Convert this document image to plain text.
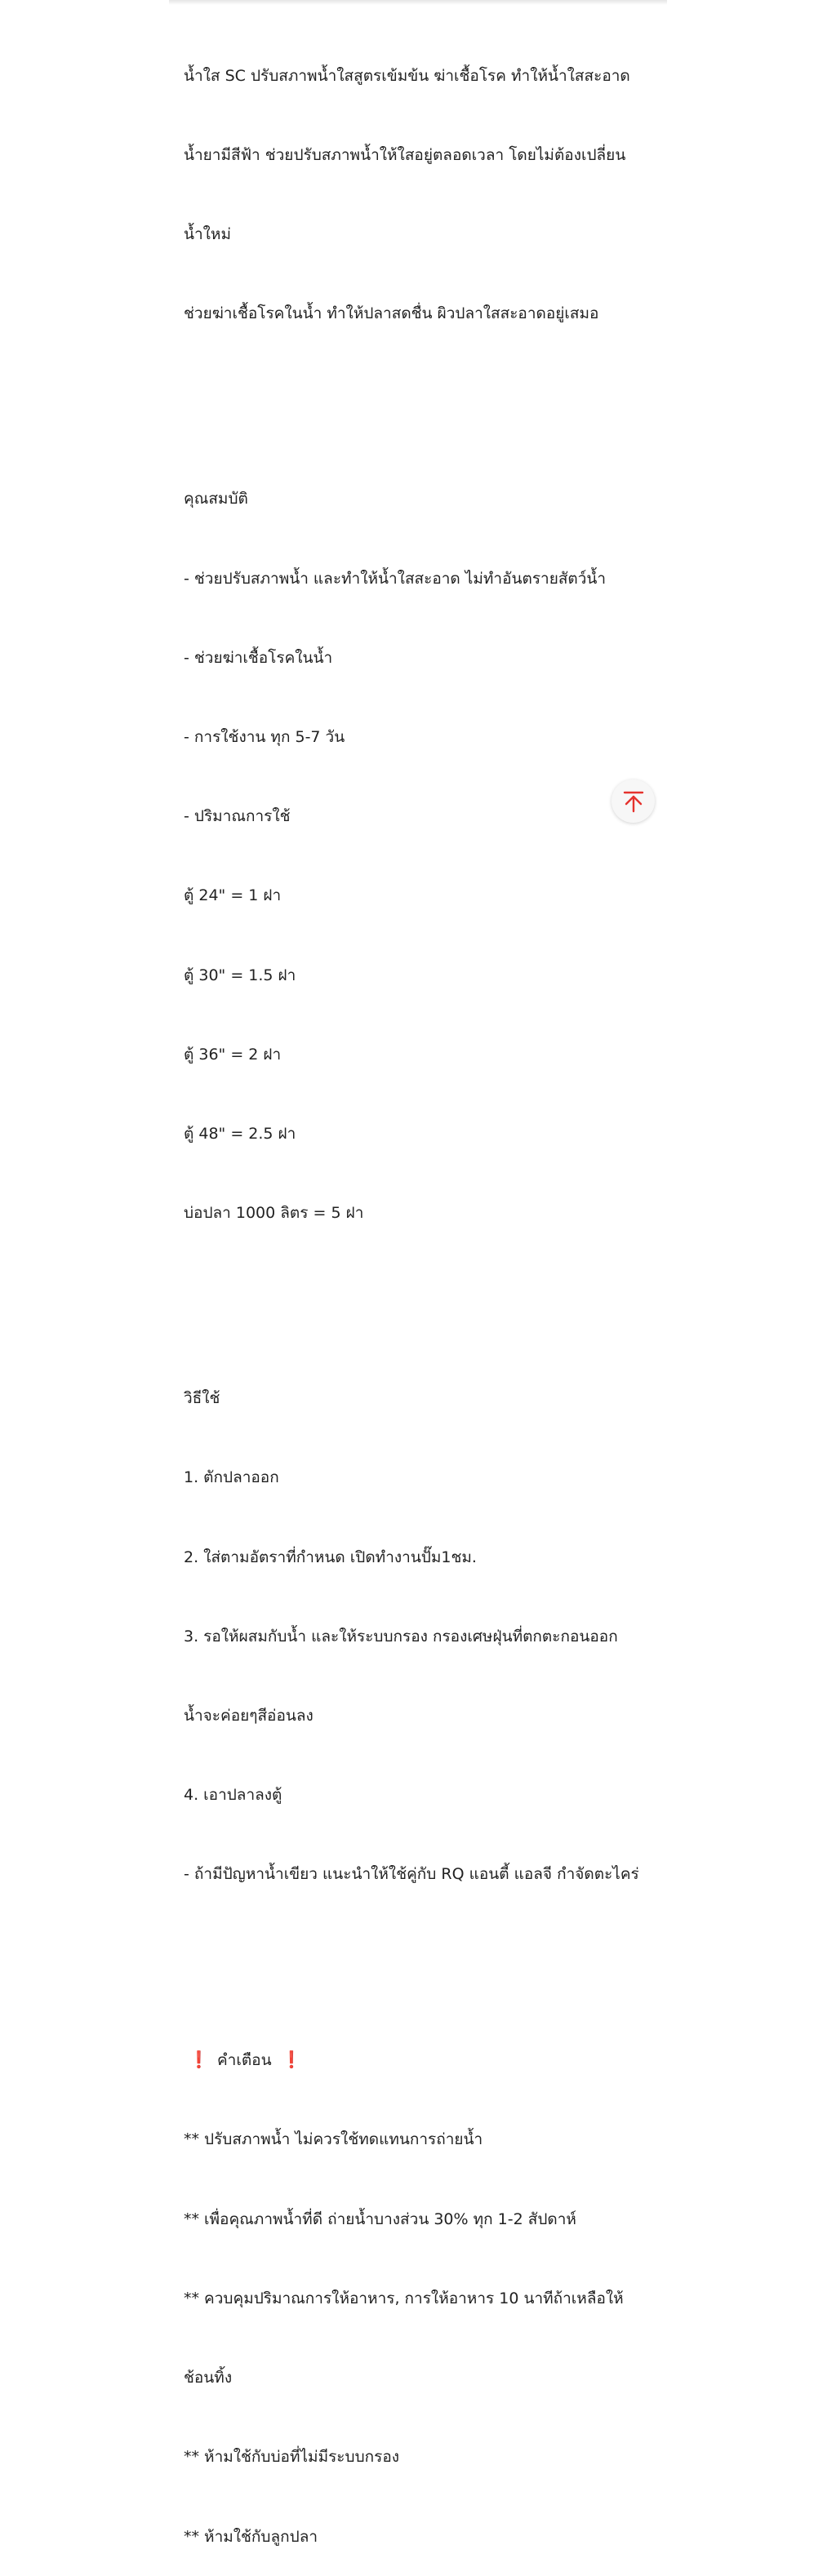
น้ำใส SC ปรับสภาพน้ำใสสูตรเข้มข้น ฆ่าเชื้อโรค ทำให้น้ำใสสะอาด

น้ำยามีสีฟ้า ช่วยปรับสภาพน้ำให้ใสอยู่ตลอดเวลา โดยไม่ต้องเปลี่ยน

น้ำใหม่

ช่วยฆ่าเชื้อโรคในน้ำ ทำให้ปลาสดชื่น ผิวปลาใสสะอาดอยู่เสมอ

คุณสมบัติ

- ช่วยปรับสภาพน้ำ และทำให้น้ำใสสะอาด ไม่ทำอันตรายสัตว์น้ำ

- ช่วยฆ่าเชื้อโรคในน้ำ

- การใช้งาน ทุก 5-7 วัน

- ปริมาณการใช้

ตู้ 24" = 1 ฝา

ตู้ 30" = 1.5 ฝา

ตู้ 36" = 2 ฝา

ตู้ 48" = 2.5 ฝา

บ่อปลา 1000 ลิตร = 5 ฝา

วิธีใช้

1. ตักปลาออก

2. ใส่ตามอัตราที่กำหนด เปิดทำงานปั๊ม1ชม.

3. รอให้ผสมกับน้ำ และให้ระบบกรอง กรองเศษฝุ่นที่ตกตะกอนออก

น้ำจะค่อยๆสีอ่อนลง

4. เอาปลาลงตู้

- ถ้ามีปัญหาน้ำเขียว แนะนำให้ใช้คู่กับ RQ แอนตี้ แอลจี กำจัดตะไคร่

❗ คำเตือน ❗

** ปรับสภาพน้ำ ไม่ควรใช้ทดแทนการถ่ายน้ำ

** เพื่อคุณภาพน้ำที่ดี ถ่ายน้ำบางส่วน 30% ทุก 1-2 สัปดาห์

** ควบคุมปริมาณการให้อาหาร, การให้อาหาร 10 นาทีถ้าเหลือให้

ช้อนทิ้ง

** ห้ามใช้กับบ่อที่ไม่มีระบบกรอง

** ห้ามใช้กับลูกปลา
